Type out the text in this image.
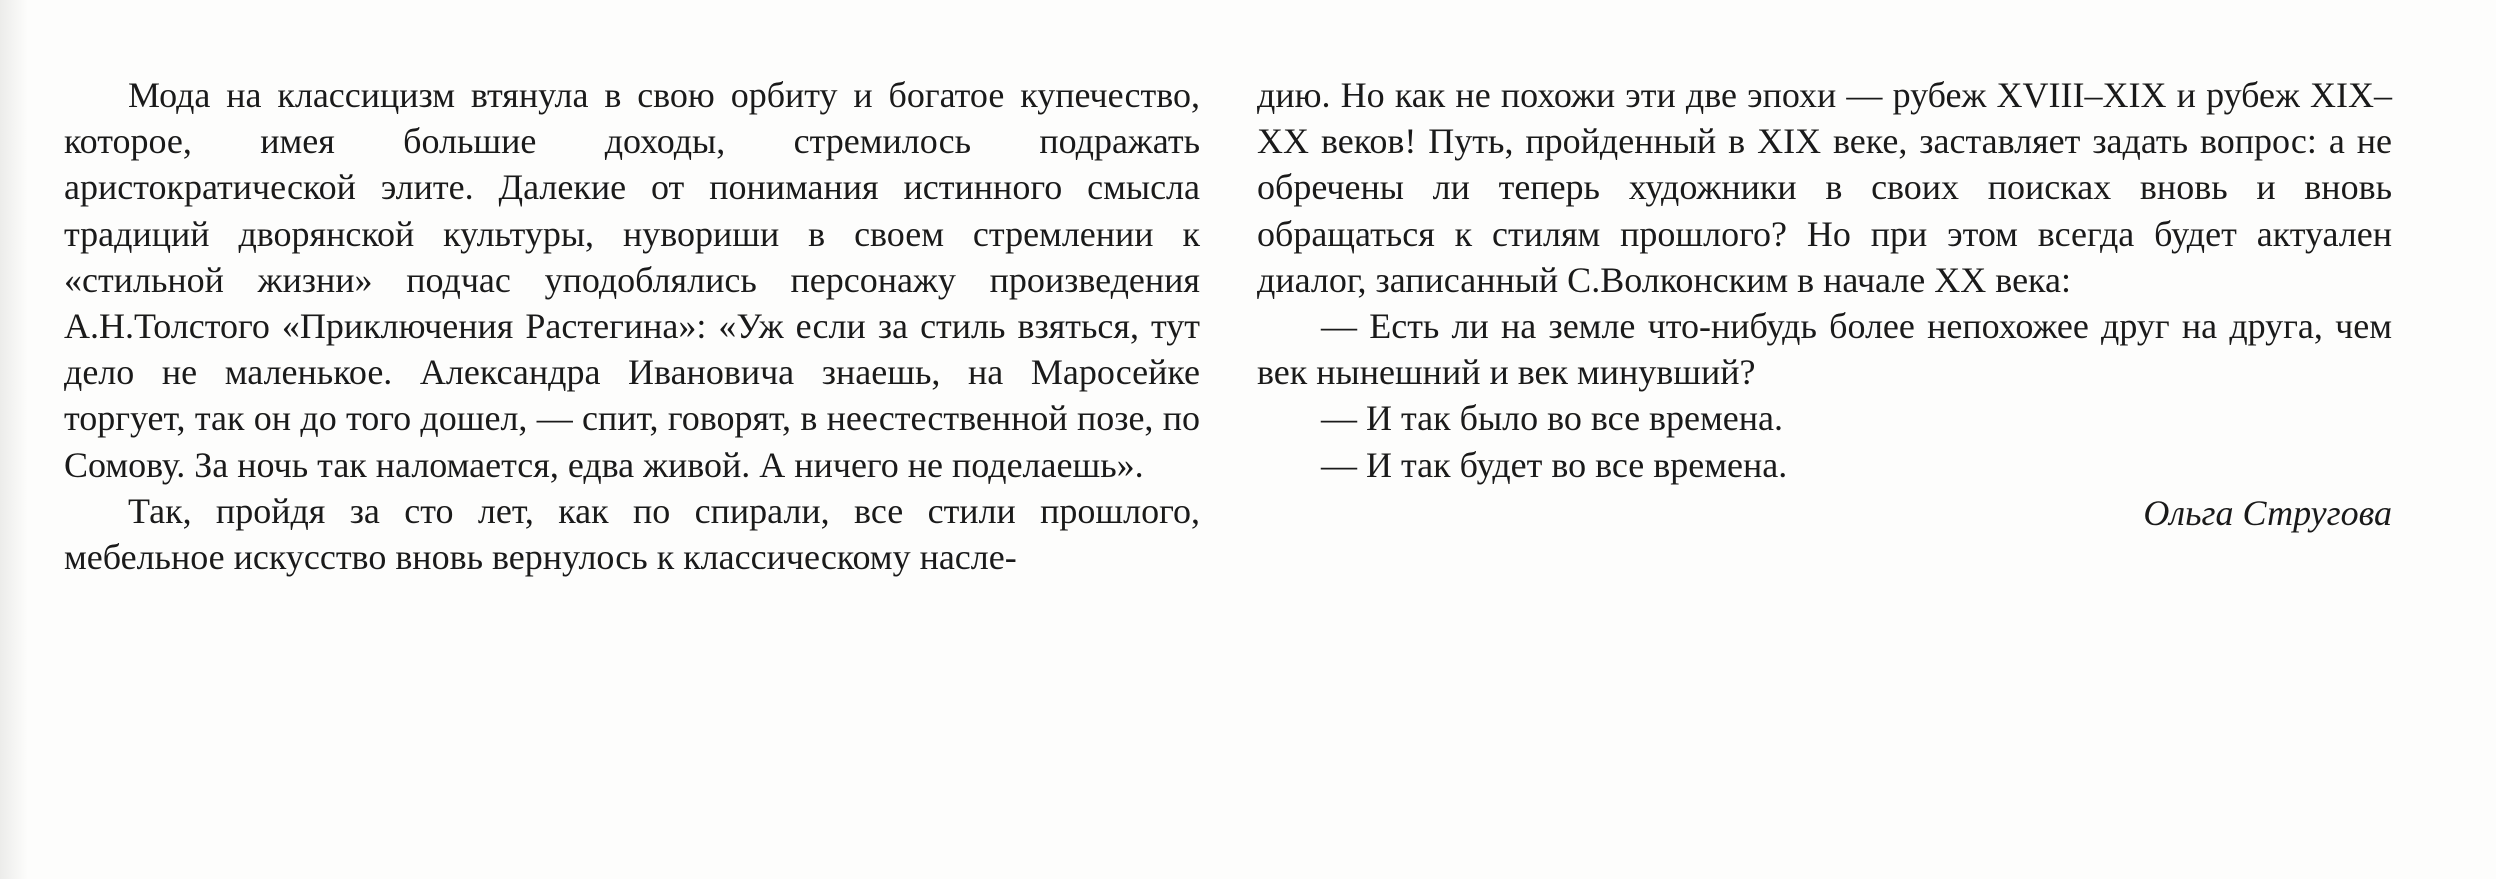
Мода на классицизм втянула в свою орбиту и богатое купечество, которое, имея большие доходы, стремилось подражать аристократической элите. Далекие от понимания истинного смысла традиций дворянской культуры, нувориши в своем стремлении к «стильной жизни» подчас уподоблялись персонажу произведения А.Н.Толстого «Приключения Растегина»: «Уж если за стиль взяться, тут дело не маленькое. Александра Ивановича знаешь, на Маросейке торгует, так он до того дошел, — спит, говорят, в неестественной позе, по Сомову. За ночь так наломается, едва живой. А ничего не поделаешь».

Так, пройдя за сто лет, как по спирали, все стили прошлого, мебельное искусство вновь вернулось к классическому насле-

дию. Но как не похожи эти две эпохи — рубеж XVIII–XIX и рубеж XIX–XX веков! Путь, пройденный в XIX веке, заставляет задать вопрос: а не обречены ли теперь художники в своих поисках вновь и вновь обращаться к стилям прошлого? Но при этом всегда будет актуален диалог, записанный С.Волконским в начале XX века:

— Есть ли на земле что-нибудь более непохожее друг на друга, чем век нынешний и век минувший?

— И так было во все времена.

— И так будет во все времена.

Ольга Стругова
